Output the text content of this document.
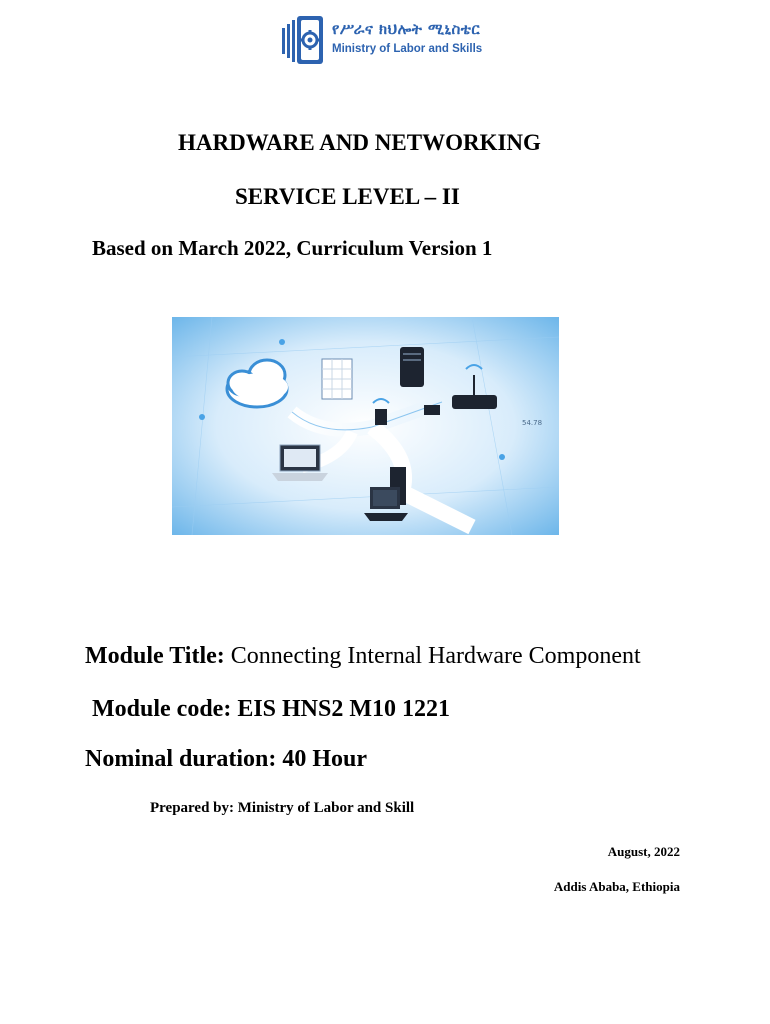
የሥራና ክህሎት ሚኒስቴር
Ministry of Labor and Skills
HARDWARE AND NETWORKING
SERVICE LEVEL – II
Based on March 2022, Curriculum Version 1
54.78
Module Title: Connecting Internal Hardware Component
Module code: EIS HNS2 M10 1221
Nominal duration: 40 Hour
Prepared by: Ministry of Labor and Skill
August, 2022
Addis Ababa, Ethiopia
